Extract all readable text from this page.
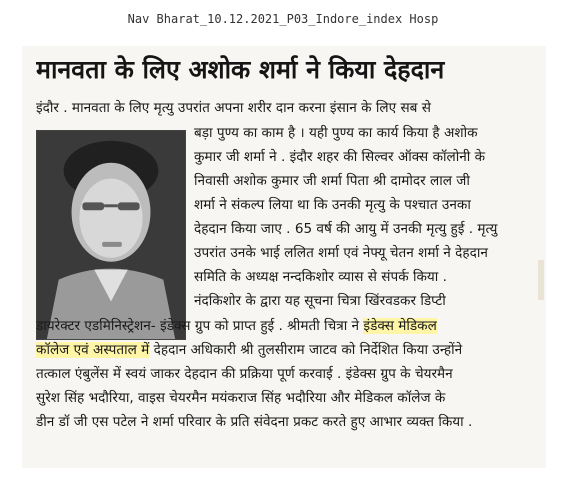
Nav Bharat_10.12.2021_P03_Indore_index Hosp
मानवता के लिए अशोक शर्मा ने किया देहदान
इंदौर . मानवता के लिए मृत्यु उपरांत अपना शरीर दान करना इंसान के लिए सब से
बड़ा पुण्य का काम है । यही पुण्य का कार्य किया है अशोक
कुमार जी शर्मा ने . इंदौर शहर की सिल्वर ऑक्स कॉलोनी के
निवासी अशोक कुमार जी शर्मा पिता श्री दामोदर लाल जी
शर्मा ने संकल्प लिया था कि उनकी मृत्यु के पश्चात उनका
देहदान किया जाए . 65 वर्ष की आयु में उनकी मृत्यु हुई . मृत्यु
उपरांत उनके भाई ललित शर्मा एवं नेफ्यू चेतन शर्मा ने देहदान
समिति के अध्यक्ष नन्दकिशोर व्यास से संपर्क किया .
नंदकिशोर के द्वारा यह सूचना चित्रा खिंरवडकर डिप्टी
डायरेक्टर एडमिनिस्ट्रेशन- इंडेक्स ग्रुप को प्राप्त हुई . श्रीमती चित्रा ने इंडेक्स मेडिकल
कॉलेज एवं अस्पताल में देहदान अधिकारी श्री तुलसीराम जाटव को निर्देशित किया उन्होंने
तत्काल एंबुलेंस में स्वयं जाकर देहदान की प्रक्रिया पूर्ण करवाई . इंडेक्स ग्रुप के चेयरमैन
सुरेश सिंह भदौरिया, वाइस चेयरमैन मयंकराज सिंह भदौरिया और मेडिकल कॉलेज के
डीन डॉ जी एस पटेल ने शर्मा परिवार के प्रति संवेदना प्रकट करते हुए आभार व्यक्त किया .
